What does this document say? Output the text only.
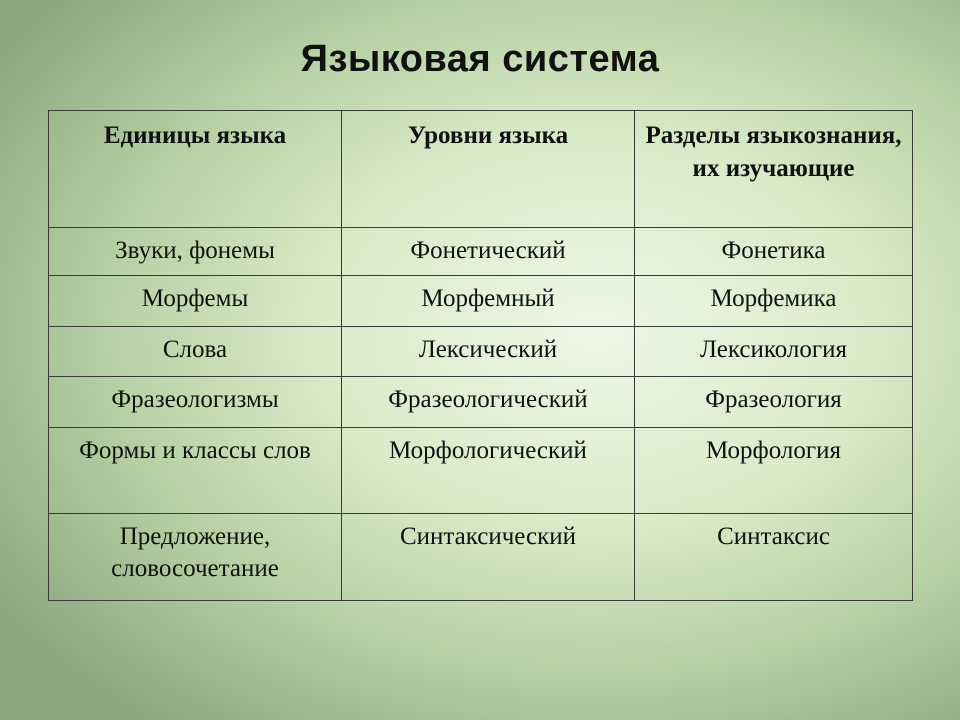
Языковая система
Единицы языка	Уровни языка	Разделы языкознания, их изучающие
Звуки, фонемы	Фонетический	Фонетика
Морфемы	Морфемный	Морфемика
Слова	Лексический	Лексикология
Фразеологизмы	Фразеологический	Фразеология
Формы и классы слов	Морфологический	Морфология
Предложение, словосочетание	Синтаксический	Синтаксис
